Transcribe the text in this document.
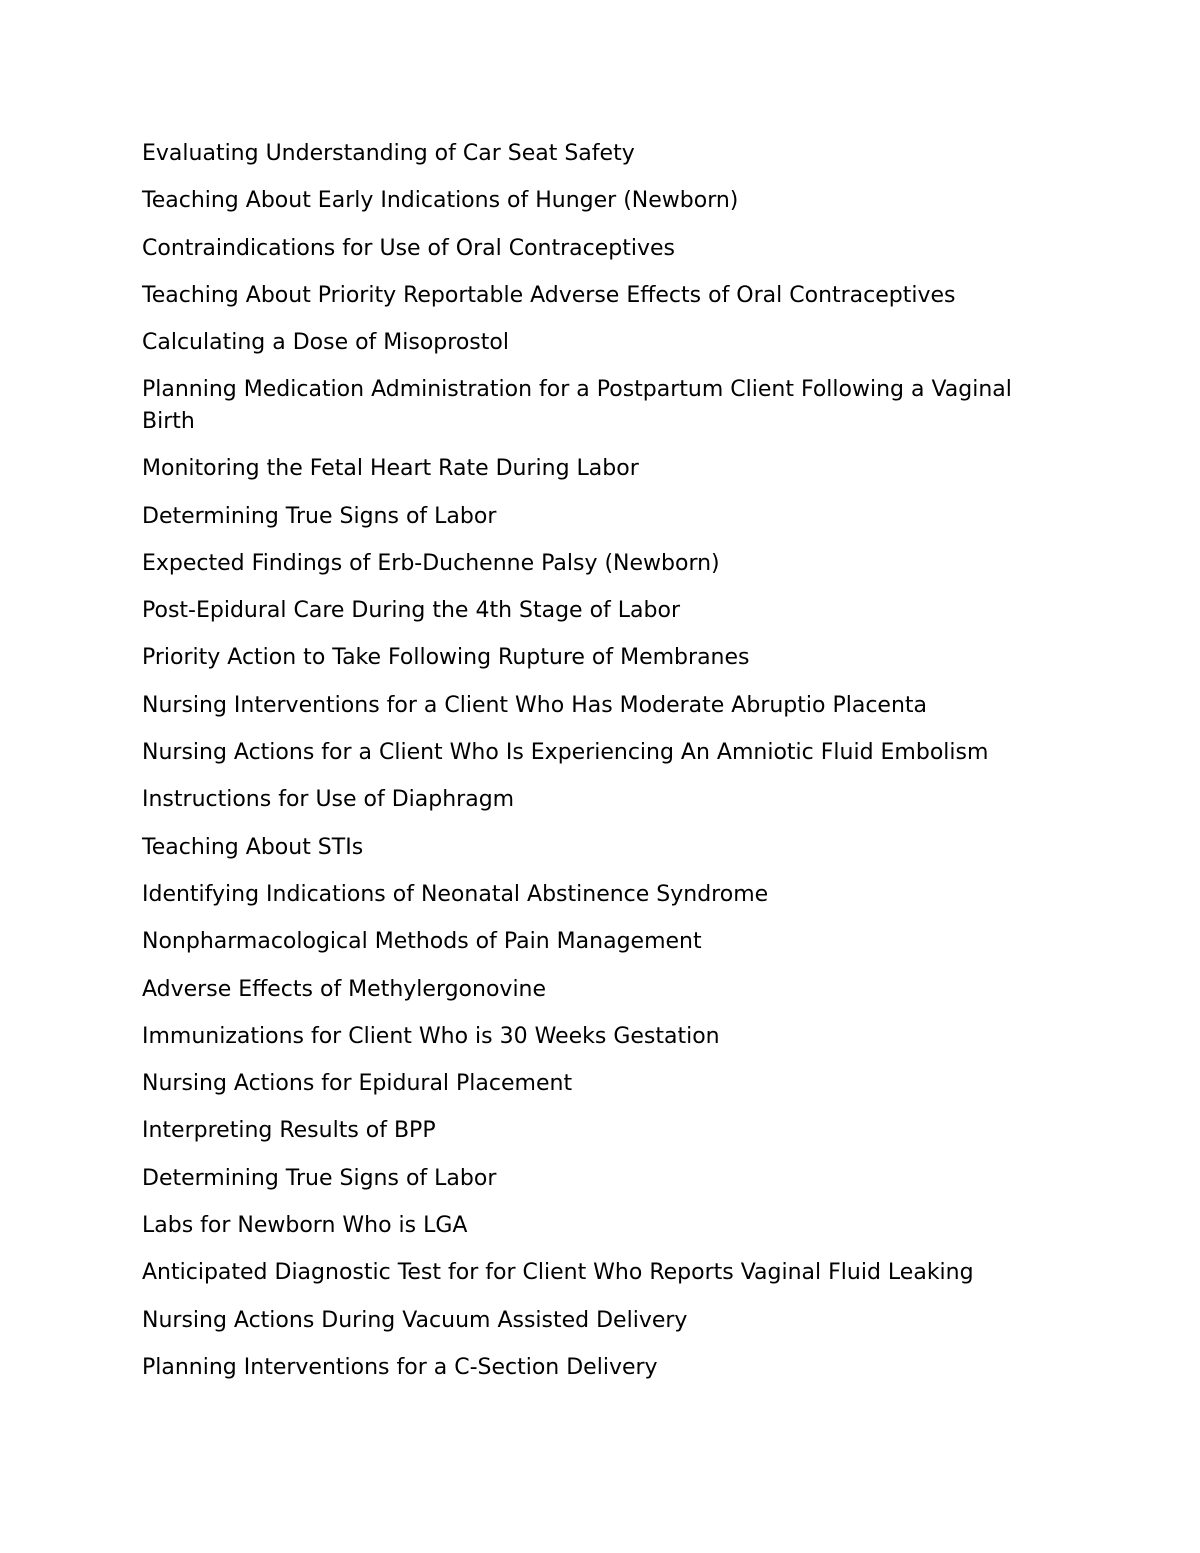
Evaluating Understanding of Car Seat Safety
Teaching About Early Indications of Hunger (Newborn)
Contraindications for Use of Oral Contraceptives
Teaching About Priority Reportable Adverse Effects of Oral Contraceptives
Calculating a Dose of Misoprostol
Planning Medication Administration for a Postpartum Client Following a Vaginal Birth
Monitoring the Fetal Heart Rate During Labor
Determining True Signs of Labor
Expected Findings of Erb-Duchenne Palsy (Newborn)
Post-Epidural Care During the 4th Stage of Labor
Priority Action to Take Following Rupture of Membranes
Nursing Interventions for a Client Who Has Moderate Abruptio Placenta
Nursing Actions for a Client Who Is Experiencing An Amniotic Fluid Embolism
Instructions for Use of Diaphragm
Teaching About STIs
Identifying Indications of Neonatal Abstinence Syndrome
Nonpharmacological Methods of Pain Management
Adverse Effects of Methylergonovine
Immunizations for Client Who is 30 Weeks Gestation
Nursing Actions for Epidural Placement
Interpreting Results of BPP
Determining True Signs of Labor
Labs for Newborn Who is LGA
Anticipated Diagnostic Test for for Client Who Reports Vaginal Fluid Leaking
Nursing Actions During Vacuum Assisted Delivery
Planning Interventions for a C-Section Delivery
